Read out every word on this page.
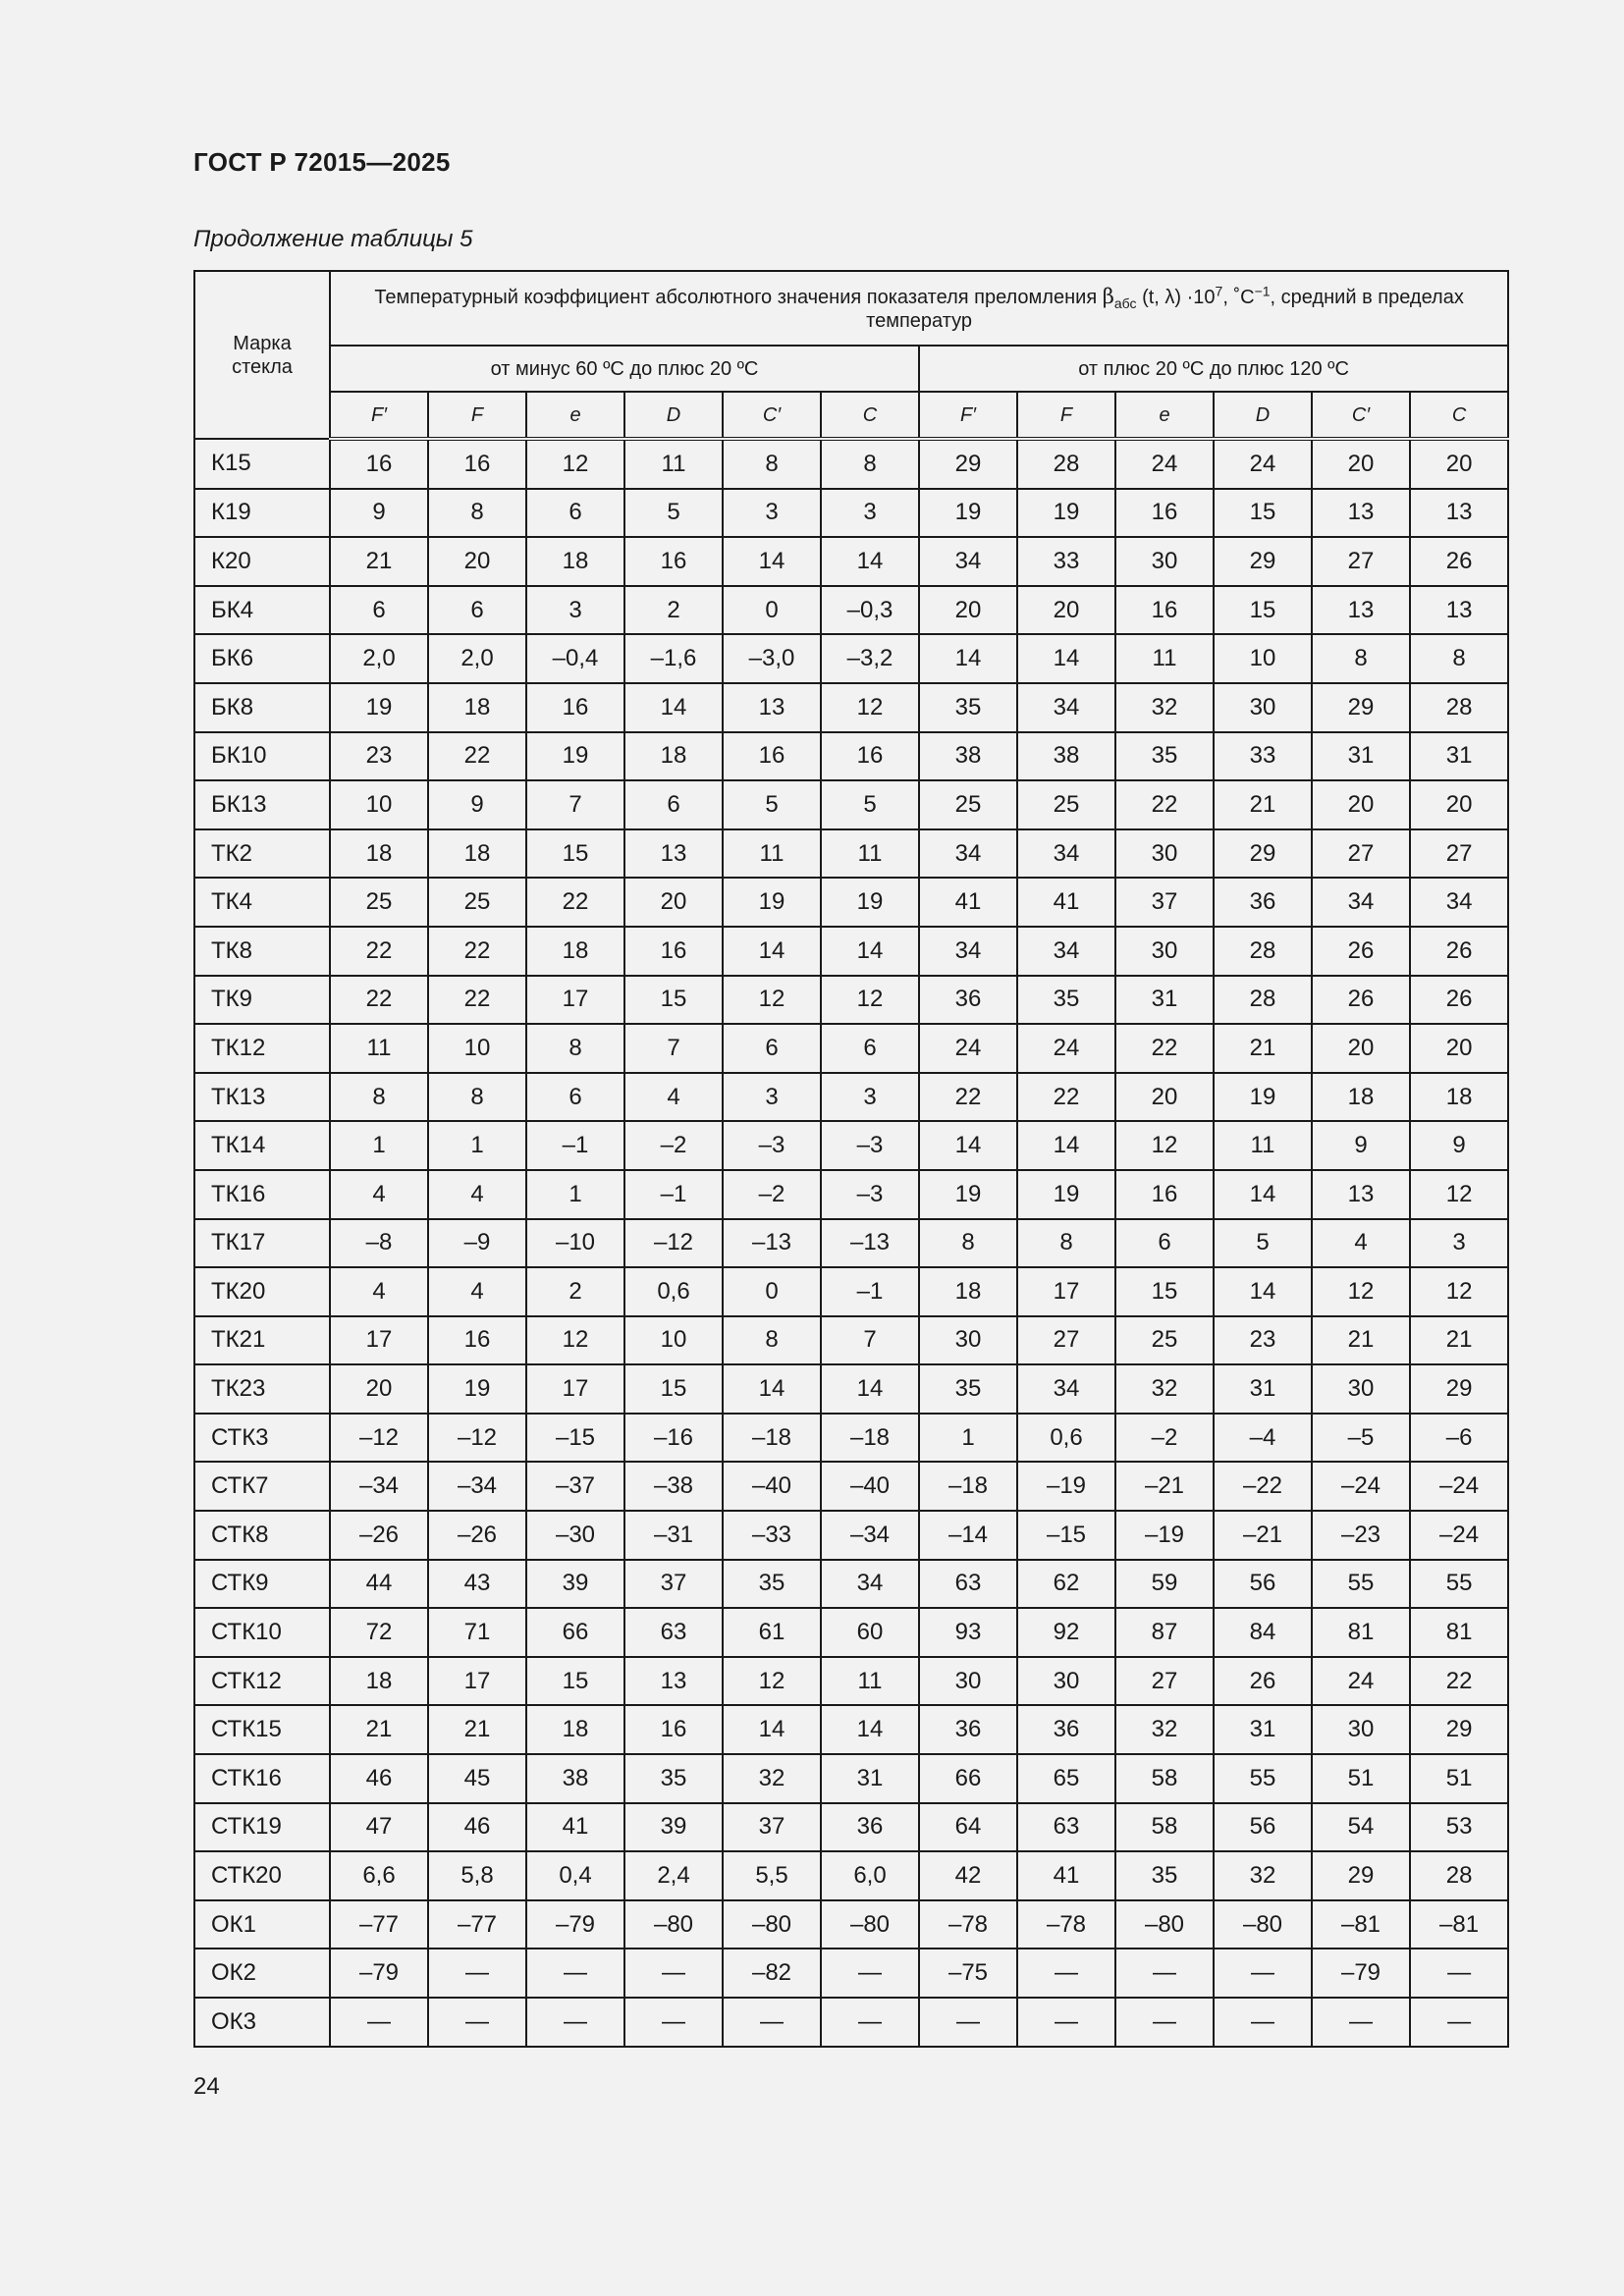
ГОСТ Р 72015—2025
Продолжение таблицы 5
Марка стекла	Температурный коэффициент абсолютного значения показателя преломления $\beta_{абс}$ (t, $\lambda) \cdot 10^7$, $˚C^{-1}$, средний в пределах температур											
	от минус 60 ºС до плюс 20 ºС						от плюс 20 ºС до плюс 120 ºС					
	F′	F	e	D	C′	C	F′	F	e	D	C′	C
К15	16	16	12	11	8	8	29	28	24	24	20	20
К19	9	8	6	5	3	3	19	19	16	15	13	13
К20	21	20	18	16	14	14	34	33	30	29	27	26
БК4	6	6	3	2	0	–0,3	20	20	16	15	13	13
БК6	2,0	2,0	–0,4	–1,6	–3,0	–3,2	14	14	11	10	8	8
БК8	19	18	16	14	13	12	35	34	32	30	29	28
БК10	23	22	19	18	16	16	38	38	35	33	31	31
БК13	10	9	7	6	5	5	25	25	22	21	20	20
ТК2	18	18	15	13	11	11	34	34	30	29	27	27
ТК4	25	25	22	20	19	19	41	41	37	36	34	34
ТК8	22	22	18	16	14	14	34	34	30	28	26	26
ТК9	22	22	17	15	12	12	36	35	31	28	26	26
ТК12	11	10	8	7	6	6	24	24	22	21	20	20
ТК13	8	8	6	4	3	3	22	22	20	19	18	18
ТК14	1	1	–1	–2	–3	–3	14	14	12	11	9	9
ТК16	4	4	1	–1	–2	–3	19	19	16	14	13	12
ТК17	–8	–9	–10	–12	–13	–13	8	8	6	5	4	3
ТК20	4	4	2	0,6	0	–1	18	17	15	14	12	12
ТК21	17	16	12	10	8	7	30	27	25	23	21	21
ТК23	20	19	17	15	14	14	35	34	32	31	30	29
СТК3	–12	–12	–15	–16	–18	–18	1	0,6	–2	–4	–5	–6
СТК7	–34	–34	–37	–38	–40	–40	–18	–19	–21	–22	–24	–24
СТК8	–26	–26	–30	–31	–33	–34	–14	–15	–19	–21	–23	–24
СТК9	44	43	39	37	35	34	63	62	59	56	55	55
СТК10	72	71	66	63	61	60	93	92	87	84	81	81
СТК12	18	17	15	13	12	11	30	30	27	26	24	22
СТК15	21	21	18	16	14	14	36	36	32	31	30	29
СТК16	46	45	38	35	32	31	66	65	58	55	51	51
СТК19	47	46	41	39	37	36	64	63	58	56	54	53
СТК20	6,6	5,8	0,4	2,4	5,5	6,0	42	41	35	32	29	28
ОК1	–77	–77	–79	–80	–80	–80	–78	–78	–80	–80	–81	–81
ОК2	–79	—	—	—	–82	—	–75	—	—	—	–79	—
ОК3	—	—	—	—	—	—	—	—	—	—	—	—
24
